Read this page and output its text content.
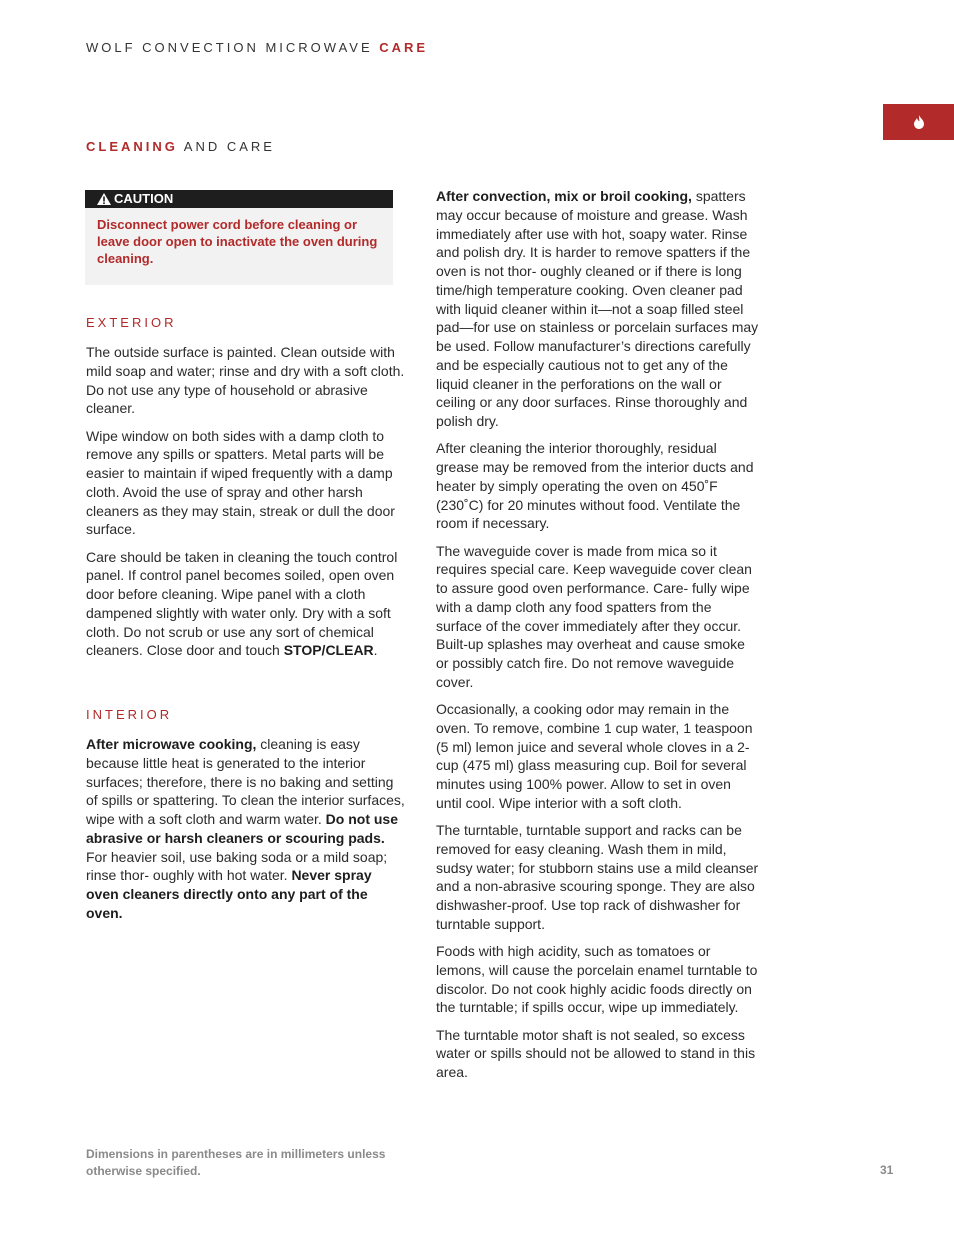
WOLF CONVECTION MICROWAVE CARE
CLEANING AND CARE
CAUTION
Disconnect power cord before cleaning or leave door open to inactivate the oven during cleaning.
EXTERIOR

The outside surface is painted. Clean outside with mild soap and water; rinse and dry with a soft cloth. Do not use any type of household or abrasive cleaner.

Wipe window on both sides with a damp cloth to remove any spills or spatters. Metal parts will be easier to maintain if wiped frequently with a damp cloth. Avoid the use of spray and other harsh cleaners as they may stain, streak or dull the door surface.

Care should be taken in cleaning the touch control panel. If control panel becomes soiled, open oven door before cleaning. Wipe panel with a cloth dampened slightly with water only. Dry with a soft cloth. Do not scrub or use any sort of chemical cleaners. Close door and touch STOP/CLEAR.

INTERIOR

After microwave cooking, cleaning is easy because little heat is generated to the interior surfaces; therefore, there is no baking and setting of spills or spattering. To clean the interior surfaces, wipe with a soft cloth and warm water. Do not use abrasive or harsh cleaners or scouring pads. For heavier soil, use baking soda or a mild soap; rinse thor- oughly with hot water. Never spray oven cleaners directly onto any part of the oven.

After convection, mix or broil cooking, spatters may occur because of moisture and grease. Wash immediately after use with hot, soapy water. Rinse and polish dry. It is harder to remove spatters if the oven is not thor- oughly cleaned or if there is long time/high temperature cooking. Oven cleaner pad with liquid cleaner within it—not a soap filled steel pad—for use on stainless or porcelain surfaces may be used. Follow manufacturer’s directions carefully and be especially cautious not to get any of the liquid cleaner in the perforations on the wall or ceiling or any door surfaces. Rinse thoroughly and polish dry.

After cleaning the interior thoroughly, residual grease may be removed from the interior ducts and heater by simply operating the oven on 450˚F (230˚C) for 20 minutes without food. Ventilate the room if necessary.

The waveguide cover is made from mica so it requires special care. Keep waveguide cover clean to assure good oven performance. Care- fully wipe with a damp cloth any food spatters from the surface of the cover immediately after they occur. Built-up splashes may overheat and cause smoke or possibly catch fire. Do not remove waveguide cover.

Occasionally, a cooking odor may remain in the oven. To remove, combine 1 cup water, 1 teaspoon (5 ml) lemon juice and several whole cloves in a 2-cup (475 ml) glass measuring cup. Boil for several minutes using 100% power. Allow to set in oven until cool. Wipe interior with a soft cloth.

The turntable, turntable support and racks can be removed for easy cleaning. Wash them in mild, sudsy water; for stubborn stains use a mild cleanser and a non-abrasive scouring sponge. They are also dishwasher-proof. Use top rack of dishwasher for turntable support.

Foods with high acidity, such as tomatoes or lemons, will cause the porcelain enamel turntable to discolor. Do not cook highly acidic foods directly on the turntable; if spills occur, wipe up immediately.

The turntable motor shaft is not sealed, so excess water or spills should not be allowed to stand in this area.

Dimensions in parentheses are in millimeters unless otherwise specified.	31
